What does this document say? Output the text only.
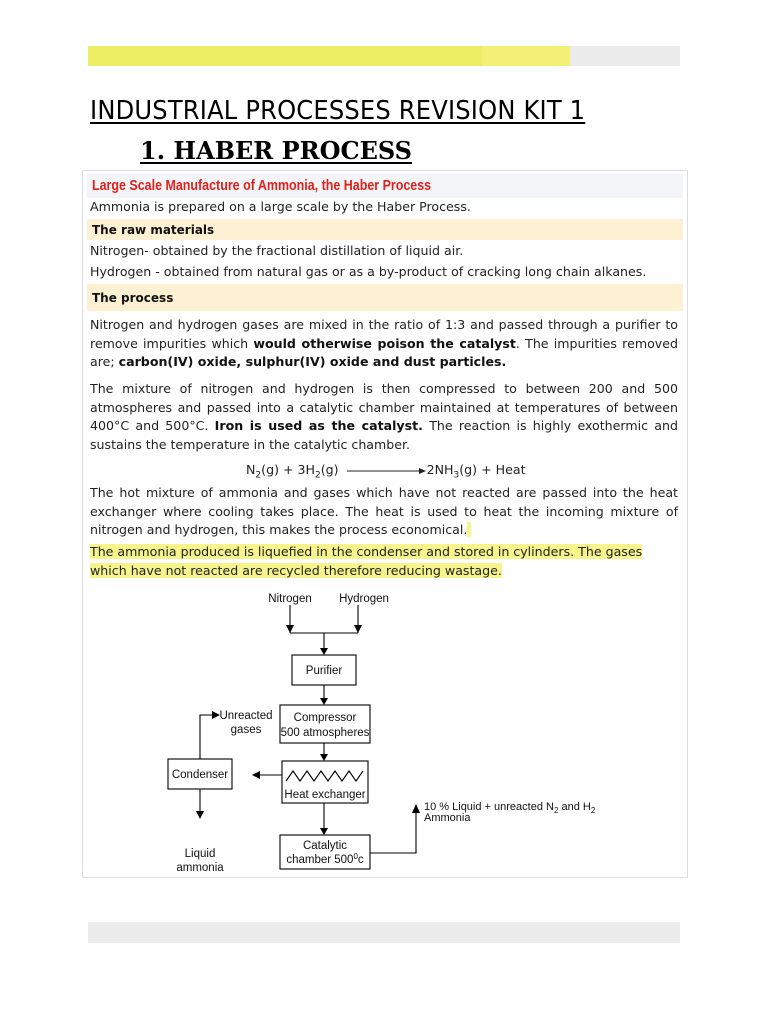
INDUSTRIAL PROCESSES REVISION KIT 1
1. HABER PROCESS
Large Scale Manufacture of Ammonia, the Haber Process
The raw materials
The process

Ammonia is prepared on a large scale by the Haber Process.

Nitrogen- obtained by the fractional distillation of liquid air.

Hydrogen - obtained from natural gas or as a by-product of cracking long chain alkanes.

Nitrogen and hydrogen gases are mixed in the ratio of 1:3 and passed through a purifier to remove impurities which would otherwise poison the catalyst. The impurities removed are; carbon(IV) oxide, sulphur(IV) oxide and dust particles.

The mixture of nitrogen and hydrogen is then compressed to between 200 and 500 atmospheres and passed into a catalytic chamber maintained at temperatures of between 400°C and 500°C. Iron is used as the catalyst. The reaction is highly exothermic and sustains the temperature in the catalytic chamber.

$N_2(g) + 3H_2(g)$	$2NH_3(g)$ + Heat

The hot mixture of ammonia and gases which have not reacted are passed into the heat exchanger where cooling takes place. The heat is used to heat the incoming mixture of nitrogen and hydrogen, this makes the process economical.

The ammonia produced is liquefied in the condenser and stored in cylinders. The gases which have not reacted are recycled therefore reducing wastage.

Nitrogen Hydrogen
Purifier
Compressor
500 atmospheres
Unreacted
gases
Condenser
Heat exchanger
Catalytic
chamber $500^0c$
Liquid
ammonia
10 % Liquid + unreacted $N_2$ and $H_2$
Ammonia
